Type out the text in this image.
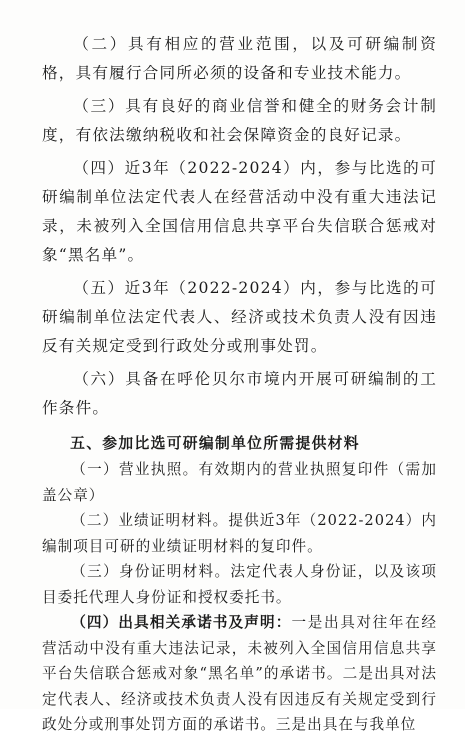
（二）具有相应的营业范围，以及可研编制资格，具有履行合同所必须的设备和专业技术能力。

（三）具有良好的商业信誉和健全的财务会计制度，有依法缴纳税收和社会保障资金的良好记录。

（四）近3年（2022-2024）内，参与比选的可研编制单位法定代表人在经营活动中没有重大违法记录，未被列入全国信用信息共享平台失信联合惩戒对象“黑名单”。

（五）近3年（2022-2024）内，参与比选的可研编制单位法定代表人、经济或技术负责人没有因违反有关规定受到行政处分或刑事处罚。

（六）具备在呼伦贝尔市境内开展可研编制的工作条件。

五、参加比选可研编制单位所需提供材料

（一）营业执照。有效期内的营业执照复印件（需加盖公章）

（二）业绩证明材料。提供近3年（2022-2024）内编制项目可研的业绩证明材料的复印件。

（三）身份证明材料。法定代表人身份证，以及该项目委托代理人身份证和授权委托书。

（四）出具相关承诺书及声明：一是出具对往年在经营活动中没有重大违法记录，未被列入全国信用信息共享平台失信联合惩戒对象“黑名单”的承诺书。二是出具对法定代表人、经济或技术负责人没有因违反有关规定受到行政处分或刑事处罚方面的承诺书。三是出具在与我单位
